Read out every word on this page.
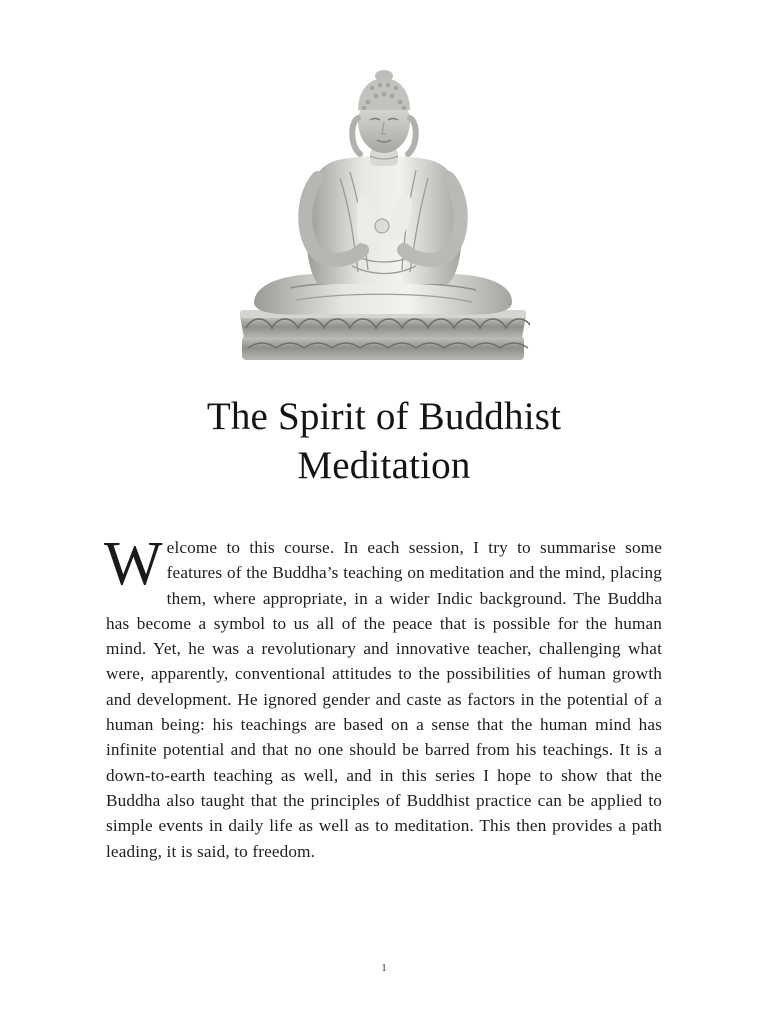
The Spirit of Buddhist
Meditation
Welcome to this course. In each session, I try to summarise some features of the Buddha’s teaching on meditation and the mind, placing them, where appropriate, in a wider Indic background. The Buddha has become a symbol to us all of the peace that is possible for the human mind. Yet, he was a revolutionary and innovative teacher, challenging what were, apparently, conventional attitudes to the possibilities of human growth and development. He ignored gender and caste as factors in the potential of a human being: his teachings are based on a sense that the human mind has infinite potential and that no one should be barred from his teachings. It is a down-to-earth teaching as well, and in this series I hope to show that the Buddha also taught that the principles of Buddhist practice can be applied to simple events in daily life as well as to meditation. This then provides a path leading, it is said, to freedom.
1
